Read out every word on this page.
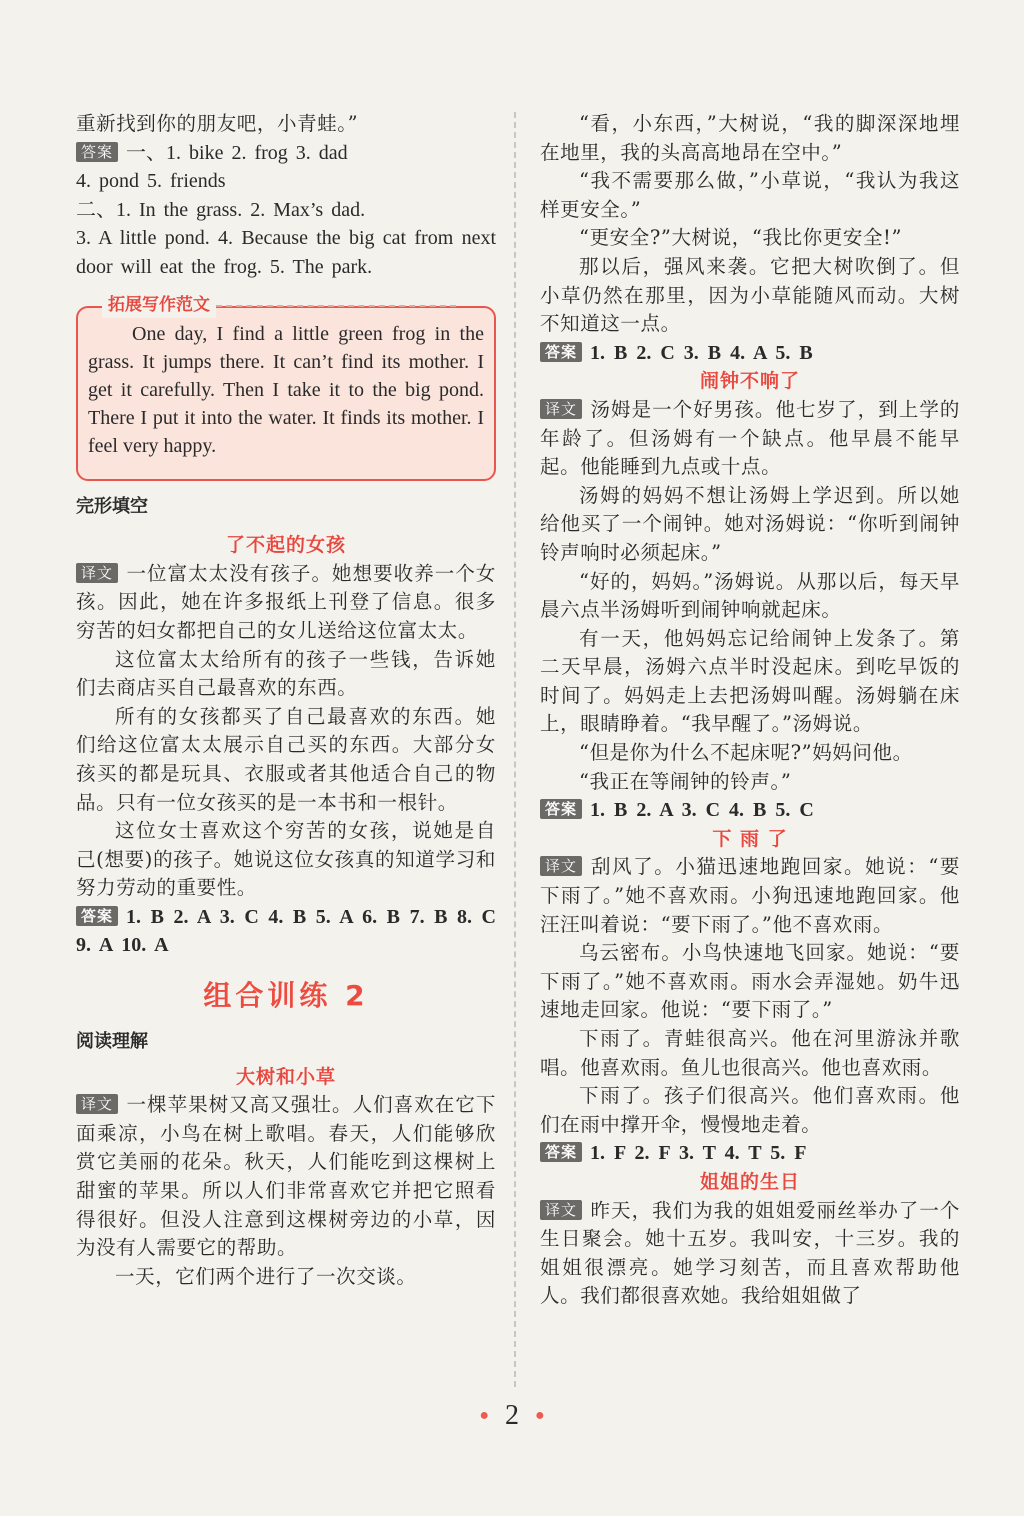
重新找到你的朋友吧，小青蛙。”

答案 一、1. bike 2. frog 3. dad

4. pond 5. friends

二、1. In the grass. 2. Max’s dad.

3. A little pond. 4. Because the big cat from next door will eat the frog. 5. The park.

拓展写作范文

One day, I find a little green frog in the grass. It jumps there. It can’t find its mother. I get it carefully. Then I take it to the big pond. There I put it into the water. It finds its mother. I feel very happy.

完形填空

了不起的女孩

译文 一位富太太没有孩子。她想要收养一个女孩。因此，她在许多报纸上刊登了信息。很多穷苦的妇女都把自己的女儿送给这位富太太。

这位富太太给所有的孩子一些钱，告诉她们去商店买自己最喜欢的东西。

所有的女孩都买了自己最喜欢的东西。她们给这位富太太展示自己买的东西。大部分女孩买的都是玩具、衣服或者其他适合自己的物品。只有一位女孩买的是一本书和一根针。

这位女士喜欢这个穷苦的女孩，说她是自己(想要)的孩子。她说这位女孩真的知道学习和努力劳动的重要性。

答案 1. B 2. A 3. C 4. B 5. A 6. B 7. B 8. C 9. A 10. A

组合训练 2

阅读理解

大树和小草

译文 一棵苹果树又高又强壮。人们喜欢在它下面乘凉，小鸟在树上歌唱。春天，人们能够欣赏它美丽的花朵。秋天，人们能吃到这棵树上甜蜜的苹果。所以人们非常喜欢它并把它照看得很好。但没人注意到这棵树旁边的小草，因为没有人需要它的帮助。

一天，它们两个进行了一次交谈。

“看，小东西，”大树说，“我的脚深深地埋在地里，我的头高高地昂在空中。”

“我不需要那么做，”小草说，“我认为我这样更安全。”

“更安全?”大树说，“我比你更安全!”

那以后，强风来袭。它把大树吹倒了。但小草仍然在那里，因为小草能随风而动。大树不知道这一点。

答案 1. B 2. C 3. B 4. A 5. B

闹钟不响了

译文 汤姆是一个好男孩。他七岁了，到上学的年龄了。但汤姆有一个缺点。他早晨不能早起。他能睡到九点或十点。

汤姆的妈妈不想让汤姆上学迟到。所以她给他买了一个闹钟。她对汤姆说：“你听到闹钟铃声响时必须起床。”

“好的，妈妈。”汤姆说。从那以后，每天早晨六点半汤姆听到闹钟响就起床。

有一天，他妈妈忘记给闹钟上发条了。第二天早晨，汤姆六点半时没起床。到吃早饭的时间了。妈妈走上去把汤姆叫醒。汤姆躺在床上，眼睛睁着。“我早醒了。”汤姆说。

“但是你为什么不起床呢?”妈妈问他。

“我正在等闹钟的铃声。”

答案 1. B 2. A 3. C 4. B 5. C

下 雨 了

译文 刮风了。小猫迅速地跑回家。她说：“要下雨了。”她不喜欢雨。小狗迅速地跑回家。他汪汪叫着说：“要下雨了。”他不喜欢雨。

乌云密布。小鸟快速地飞回家。她说：“要下雨了。”她不喜欢雨。雨水会弄湿她。奶牛迅速地走回家。他说：“要下雨了。”

下雨了。青蛙很高兴。他在河里游泳并歌唱。他喜欢雨。鱼儿也很高兴。他也喜欢雨。

下雨了。孩子们很高兴。他们喜欢雨。他们在雨中撑开伞，慢慢地走着。

答案 1. F 2. F 3. T 4. T 5. F

姐姐的生日

译文 昨天，我们为我的姐姐爱丽丝举办了一个生日聚会。她十五岁。我叫安，十三岁。我的姐姐很漂亮。她学习刻苦，而且喜欢帮助他人。我们都很喜欢她。我给姐姐做了

● 2 ●
